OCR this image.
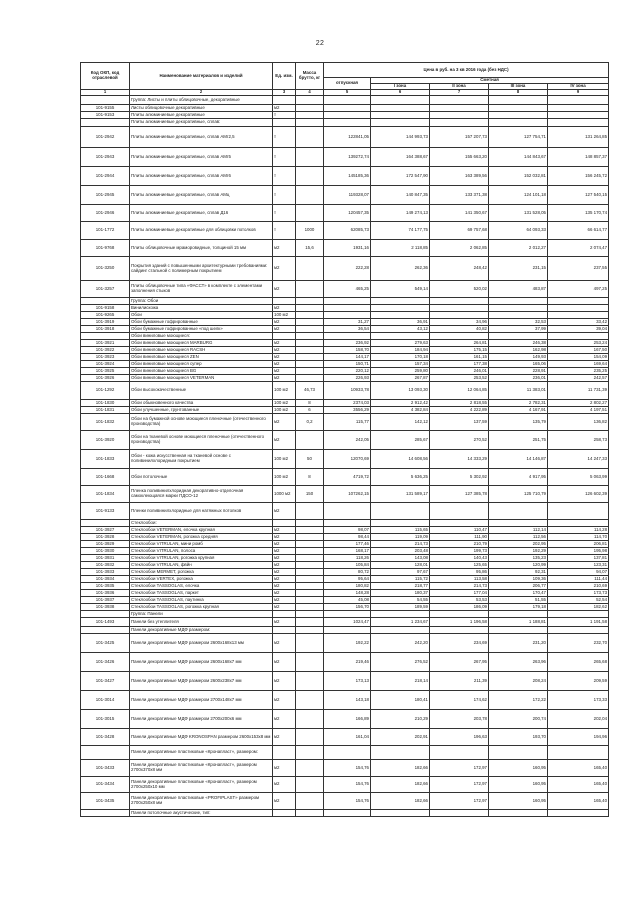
22
Код ОКП, код отраслевой	Наименование материалов и изделий	Ед. изм.	Масса брутто, кг	Цена в руб. на 3 кв 2016 года (без НДС)				
				отпускная	Сметная			
					I зона	II зона	III зона	IV зона
1	2	3	4	5	6	7	8	9
	Группа: Листы и плиты облицовочные, декоративные							
101-9155	Листы облицовочные декоративные	м2						
101-9153	Плиты алюминиевые декоративные	т						
	Плиты алюминиевые декоративные, сплав:							
101-2942	Плиты алюминиевые декоративные, сплав АМг2,5	т		122841,05	144 993,73	157 207,73	127 754,71	131 264,85
101-2943	Плиты алюминиевые декоративные, сплав АМг5	т		139272,74	164 388,67	155 663,20	144 843,67	148 857,37
101-2944	Плиты алюминиевые декоративные, сплав АМг6	т		145185,36	172 547,90	163 389,56	152 032,81	156 245,72
101-2945	Плиты алюминиевые декоративные, сплав АМц	т		119328,07	140 847,35	133 371,38	124 101,18	127 540,15
101-2946	Плиты алюминиевые декоративные, сплав Д16	т		120457,35	149 274,13	141 350,67	131 528,05	135 170,74
101-1772	Плиты алюминиевые декоративные для облицовки потолков	т	1000	62085,73	74 177,75	69 757,68	64 093,33	66 614,77
101-9768	Плиты облицовочные мраморовидные, толщиной 15 мм	м2	15,6	1931,16	2 118,85	2 062,85	2 012,27	2 074,47
101-3250	Покрытия зданий с повышенными архитектурными требованиями: сайдинг стальной с полимерным покрытием	м2		222,28	262,36	248,42	231,15	237,55
101-3257	Плиты облицовочные типа «ФАССТ» в комплекте с элементами заполнения стыков	м2		465,25	549,14	520,02	483,87	497,25
	Группа: Обои							
101-9158	Винилискожа	м2						
101-9265	Обои	100 м2						
101-3919	Обои бумажные гофрированные	м2		31,27	36,91	34,96	32,53	33,42
101-3918	Обои бумажные гофрированные «под шелк»	м2		36,54	43,12	40,82	37,99	39,04
	Обои виниловые моющиеся:							
101-3921	Обои виниловые моющиеся MARBURG	м2		236,92	279,63	264,81	246,38	253,24
101-3922	Обои виниловые моющиеся RACSH	м2		158,70	184,94	175,15	162,98	167,50
101-3923	Обои виниловые моющиеся ZEN	м2		144,17	170,18	161,15	149,93	154,09
101-3924	Обои виниловые моющиеся супер	м2		150,71	157,34	177,38	165,06	169,64
101-3925	Обои виниловые моющиеся BG	м2		220,12	259,80	246,01	228,91	235,25
101-3926	Обои виниловые моющиеся VETERMAN	м2		226,93	267,87	253,52	236,01	242,57
101-1292	Обои высококачественные	100 м2	46,73	10933,78	13 093,30	12 064,85	11 383,01	11 731,39
101-1830	Обои обыкновенного качества	100 м2	8	2374,03	2 912,42	2 818,55	2 782,31	2 802,27
101-1831	Обои улучшенные, грунтованные	100 м2	6	3556,29	4 382,84	4 222,89	4 167,91	4 197,51
101-1832	Обои на бумажной основе моющиеся пленочные (отечественного производства)	м2	0,2	115,77	142,12	137,59	135,79	136,82
101-3920	Обои на тканевой основе моющиеся пленочные (отечественного производства)	м2		242,05	285,67	270,52	251,75	258,73
101-1833	Обои - кожа искусственная на тканевой основе с поливинилхлоридным покрытием	100 м2	50	12070,69	14 608,56	14 333,29	14 146,87	14 247,33
101-1668	Обои потолочные	100 м2	8	4719,72	5 636,25	5 302,92	4 917,95	5 063,99
101-1834	Пленка поливинилхлоридная декоративно-отделочная самоклеющаяся марки ПДСО-12	1000 м2	150	107262,15	131 589,17	127 385,78	125 710,79	126 602,39
101-9133	Пленки поливинилхлоридные для натяжных потолков	м2						
	Стеклообои:							
101-3927	Стеклообои VETERMAN, елочка крупная	м2		98,07	115,65	110,47	112,14	114,28
101-3928	Стеклообои VETERMAN, рогожка средняя	м2		98,44	119,09	111,90	112,56	114,70
101-3929	Стеклообои VITRULAN, мини ромб	м2		177,46	214,73	210,79	202,95	206,81
101-3930	Стеклообои VITRULAN, полоса	м2		168,17	203,48	199,73	192,29	195,98
101-3931	Стеклообои VITRULAN, рогожка крупная	м2		118,26	143,08	140,43	135,23	137,81
101-3932	Стеклообои VITRULAN, фвйн	м2		105,84	128,01	125,65	120,99	123,31
101-3933	Стеклообои MERMET, рогожка	м2		80,72	97,67	95,86	92,31	94,07
101-3934	Стеклообои VERTEX, рогожка	м2		95,64	115,72	113,58	109,36	111,44
101-3935	Стеклообои TASSOGLAS, елочка	м2		180,82	218,77	214,73	206,77	210,69
101-3936	Стеклообои TASSOGLAS, паркет	м2		148,28	180,37	177,04	170,47	173,73
101-3937	Стеклообои TASSOGLAS, паутинка	м2		45,08	54,55	53,53	51,55	52,54
101-3938	Стеклообои TASSOGLAS, рогожка крупная	м2		156,70	189,59	186,09	179,18	182,62
	Группа: Панели							
101-1493	Панели без утеплителя	м2		1024,47	1 234,67	1 196,58	1 188,81	1 191,58
	Панели декоративные МДФ размером:							
101-3425	Панели декоративные МДФ размером 2600х168х13 мм	м2		192,22	242,20	234,69	231,20	232,70
101-3426	Панели декоративные МДФ размером 2600х168х7 мм	м2		219,46	276,52	267,95	263,96	265,68
101-3427	Панели декоративные МДФ размером 2600х238х7 мм	м2		173,13	218,14	211,39	208,24	209,59
101-3014	Панели декоративные МДФ размером 2700х148х7 мм	м2		143,18	180,41	174,62	172,22	173,33
101-3015	Панели декоративные МДФ размером 2700х200х6 мм	м2		166,89	210,29	203,78	200,74	202,04
101-3428	Панели декоративные МДФ KRONOSPAN размером 2600х153х8 мм	м2		161,04	202,91	196,63	193,70	194,96
	Панели декоративные пластиковые «Кронапласт», размером:							
101-3433	Панели декоративные пластиковые «Кронапласт», размером 2700х370х8 мм	м2		154,76	182,66	172,97	160,95	165,40
101-3434	Панели декоративные пластиковые «Кронапласт», размером 2700х250х10 мм	м2		154,76	182,66	172,97	160,95	165,40
101-3435	Панели декоративные пластиковые «PROFIPLAST» размером 2700х250х8 мм	м2		154,76	182,66	172,97	160,95	165,40
	Панели потолочные акустические, тип:							
